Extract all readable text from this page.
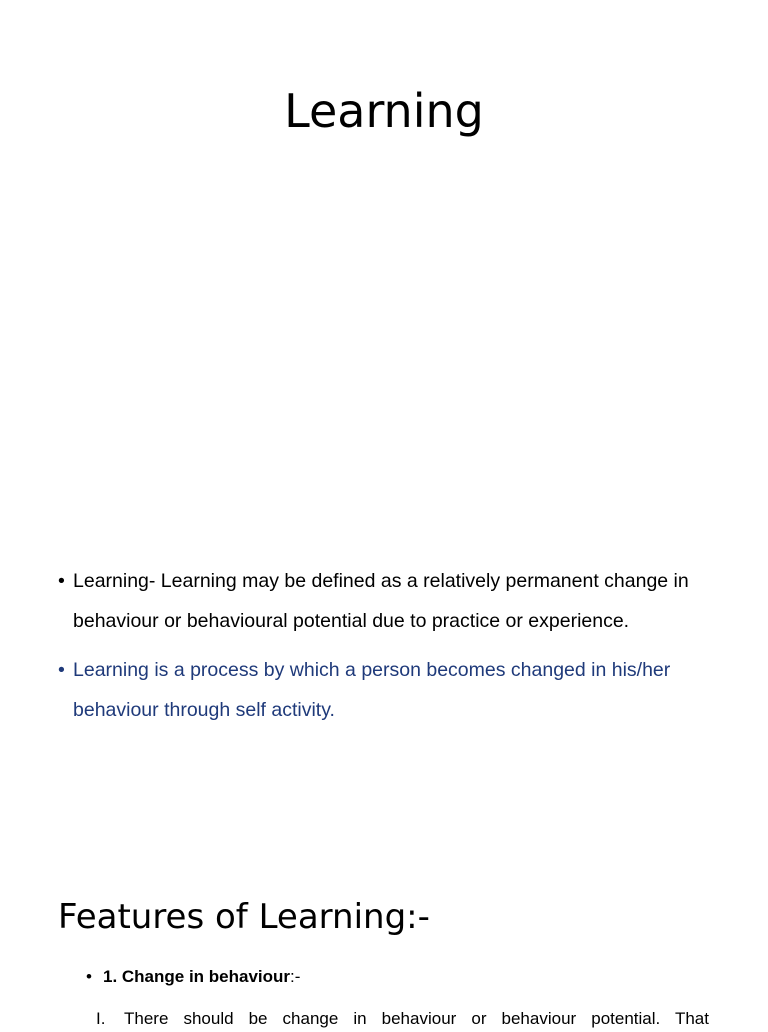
Learning
• Learning- Learning may be defined as a relatively permanent change in behaviour or behavioural potential due to practice or experience.
• Learning is a process by which a person becomes changed in his/her behaviour through self activity.
Features of Learning:-
• 1. Change in behaviour:-
I. There should be change in behaviour or behaviour potential. That
